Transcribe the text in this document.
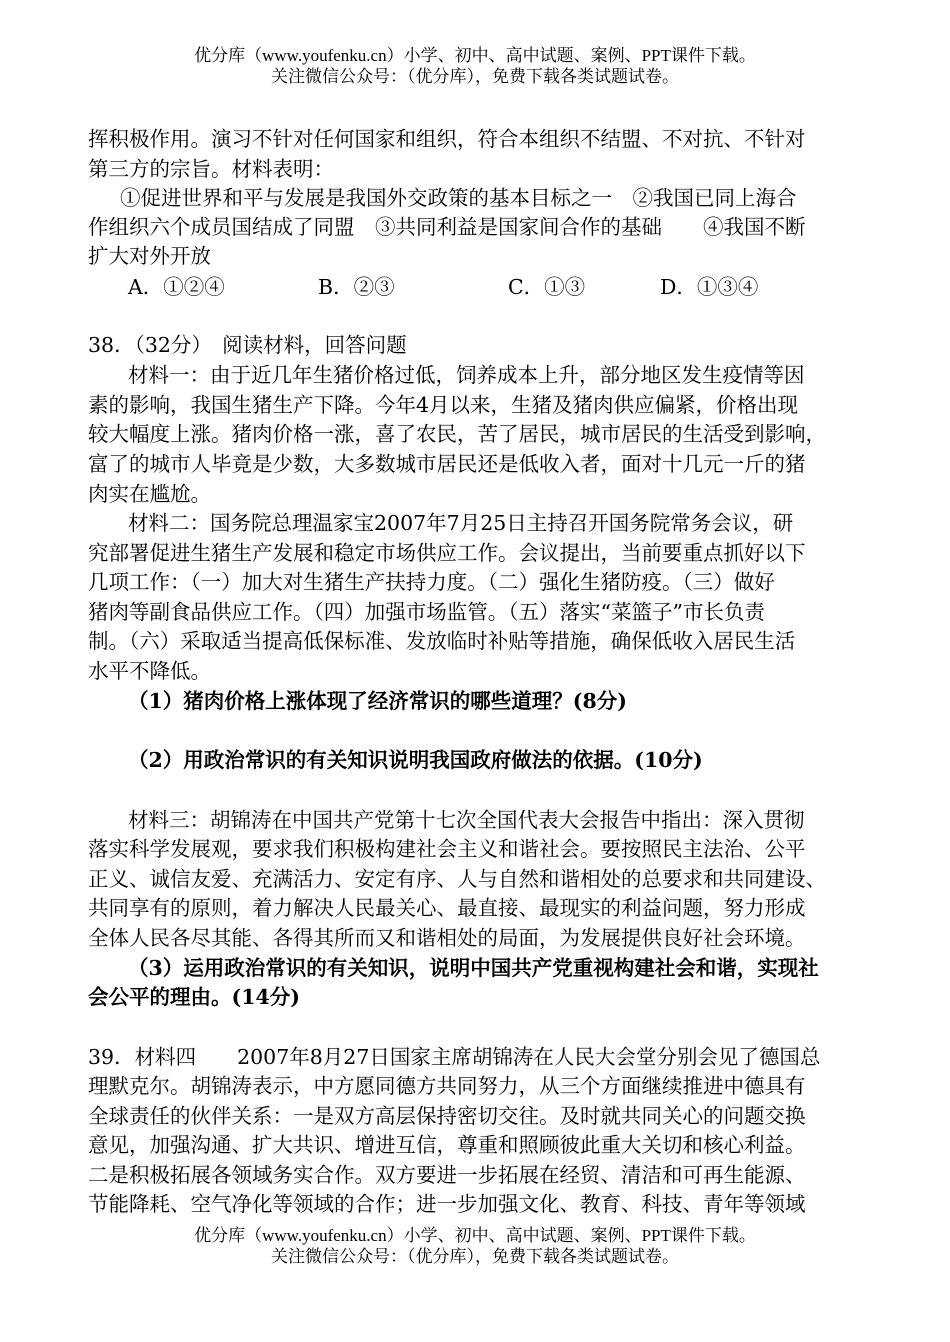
优分库（www.youfenku.cn）小学、初中、高中试题、案例、PPT课件下载。
关注微信公众号：（优分库），免费下载各类试题试卷。
挥积极作用。演习不针对任何国家和组织，符合本组织不结盟、不对抗、不针对
第三方的宗旨。材料表明：
①促进世界和平与发展是我国外交政策的基本目标之一　②我国已同上海合
作组织六个成员国结成了同盟　③共同利益是国家间合作的基础　　④我国不断
扩大对外开放
A．①②④	B．②③	C．①③	D．①③④
38．（32分）　阅读材料，回答问题
材料一：由于近几年生猪价格过低，饲养成本上升，部分地区发生疫情等因
素的影响，我国生猪生产下降。今年4月以来，生猪及猪肉供应偏紧，价格出现
较大幅度上涨。猪肉价格一涨，喜了农民，苦了居民，城市居民的生活受到影响，
富了的城市人毕竟是少数，大多数城市居民还是低收入者，面对十几元一斤的猪
肉实在尴尬。
材料二：国务院总理温家宝2007年7月25日主持召开国务院常务会议，研
究部署促进生猪生产发展和稳定市场供应工作。会议提出，当前要重点抓好以下
几项工作：（一）加大对生猪生产扶持力度。（二）强化生猪防疫。（三）做好
猪肉等副食品供应工作。（四）加强市场监管。（五）落实“菜篮子”市长负责
制。（六）采取适当提高低保标准、发放临时补贴等措施，确保低收入居民生活
水平不降低。
（1）猪肉价格上涨体现了经济常识的哪些道理？(8分)
（2）用政治常识的有关知识说明我国政府做法的依据。(10分)
材料三：胡锦涛在中国共产党第十七次全国代表大会报告中指出：深入贯彻
落实科学发展观，要求我们积极构建社会主义和谐社会。要按照民主法治、公平
正义、诚信友爱、充满活力、安定有序、人与自然和谐相处的总要求和共同建设、
共同享有的原则，着力解决人民最关心、最直接、最现实的利益问题，努力形成
全体人民各尽其能、各得其所而又和谐相处的局面，为发展提供良好社会环境。
（3）运用政治常识的有关知识，说明中国共产党重视构建社会和谐，实现社
会公平的理由。(14分)
39．材料四　　2007年8月27日国家主席胡锦涛在人民大会堂分别会见了德国总
理默克尔。胡锦涛表示，中方愿同德方共同努力，从三个方面继续推进中德具有
全球责任的伙伴关系：一是双方高层保持密切交往。及时就共同关心的问题交换
意见，加强沟通、扩大共识、增进互信，尊重和照顾彼此重大关切和核心利益。
二是积极拓展各领域务实合作。双方要进一步拓展在经贸、清洁和可再生能源、
节能降耗、空气净化等领域的合作；进一步加强文化、教育、科技、青年等领域
优分库（www.youfenku.cn）小学、初中、高中试题、案例、PPT课件下载。
关注微信公众号：（优分库），免费下载各类试题试卷。
